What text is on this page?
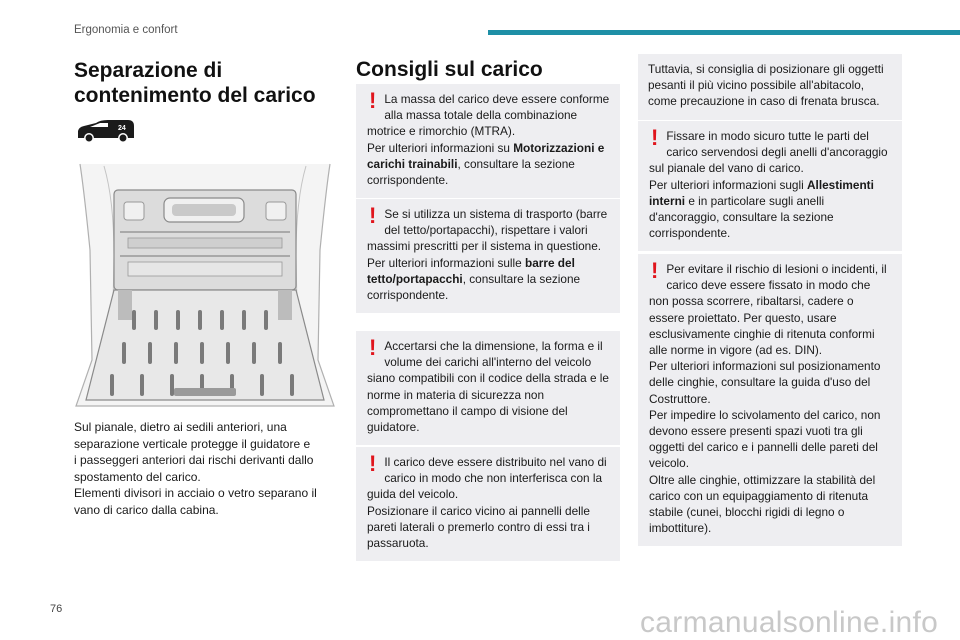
Ergonomia e confort
Separazione di contenimento del carico
24
Sul pianale, dietro ai sedili anteriori, una
separazione verticale protegge il guidatore e
i passeggeri anteriori dai rischi derivanti dallo
spostamento del carico.
Elementi divisori in acciaio o vetro separano il
vano di carico dalla cabina.
Consigli sul carico
! La massa del carico deve essere conforme alla massa totale della combinazione motrice e rimorchio (MTRA).

Per ulteriori informazioni su Motorizzazioni e carichi trainabili, consultare la sezione corrispondente.

! Se si utilizza un sistema di trasporto (barre del tetto/portapacchi), rispettare i valori massimi prescritti per il sistema in questione.

Per ulteriori informazioni sulle barre del tetto/portapacchi, consultare la sezione corrispondente.

! Accertarsi che la dimensione, la forma e il volume dei carichi all'interno del veicolo siano compatibili con il codice della strada e le norme in materia di sicurezza non compromettano il campo di visione del guidatore.

! Il carico deve essere distribuito nel vano di carico in modo che non interferisca con la guida del veicolo.

Posizionare il carico vicino ai pannelli delle pareti laterali o premerlo contro di essi tra i passaruota.

Tuttavia, si consiglia di posizionare gli oggetti pesanti il più vicino possibile all'abitacolo, come precauzione in caso di frenata brusca.
! Fissare in modo sicuro tutte le parti del carico servendosi degli anelli d'ancoraggio sul pianale del vano di carico.

Per ulteriori informazioni sugli Allestimenti interni e in particolare sugli anelli d'ancoraggio, consultare la sezione corrispondente.

! Per evitare il rischio di lesioni o incidenti, il carico deve essere fissato in modo che non possa scorrere, ribaltarsi, cadere o essere proiettato. Per questo, usare esclusivamente cinghie di ritenuta conformi alle norme in vigore (ad es. DIN).

Per ulteriori informazioni sul posizionamento delle cinghie, consultare la guida d'uso del Costruttore.

Per impedire lo scivolamento del carico, non devono essere presenti spazi vuoti tra gli oggetti del carico e i pannelli delle pareti del veicolo.

Oltre alle cinghie, ottimizzare la stabilità del carico con un equipaggiamento di ritenuta stabile (cunei, blocchi rigidi di legno o imbottiture).

76	carmanualsonline.info
